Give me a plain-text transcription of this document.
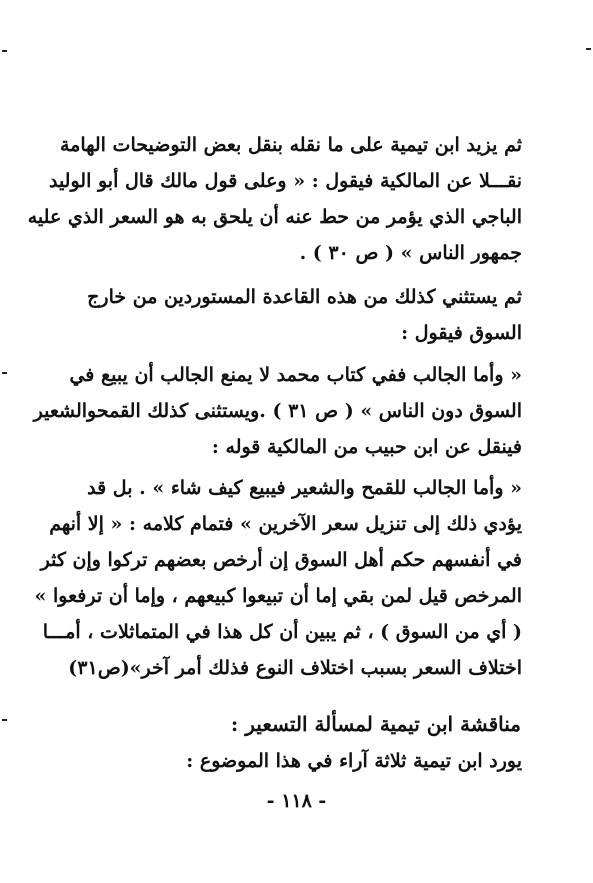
ثم يزيد ابن تيمية على ما نقله بنقل بعض التوضيحات الهامة
نقـــلا عن المالكية فيقول : « وعلى قول مالك قال أبو الوليد
الباجي الذي يؤمر من حط عنه أن يلحق به هو السعر الذي عليه
جمهور الناس » ( ص ٣٠ ) .
ثم يستثني كذلك من هذه القاعدة المستوردين من خارج
السوق فيقول :
« وأما الجالب ففي كتاب محمد لا يمنع الجالب أن يبيع في
السوق دون الناس » ( ص ٣١ ) .ويستثنى كذلك القمحوالشعير
فينقل عن ابن حبيب من المالكية قوله :
« وأما الجالب للقمح والشعير فيبيع كيف شاء » . بل قد
يؤدي ذلك إلى تنزيل سعر الآخرين » فتمام كلامه : « إلا أنهم
في أنفسهم حكم أهل السوق إن أرخص بعضهم تركوا وإن كثر
المرخص قيل لمن بقي إما أن تبيعوا كبيعهم ، وإما أن ترفعوا »
( أي من السوق ) ، ثم يبين أن كل هذا في المتماثلات ، أمـــا
اختلاف السعر بسبب اختلاف النوع فذلك أمر آخر»(ص٣١)
مناقشة ابن تيمية لمسألة التسعير :
يورد ابن تيمية ثلاثة آراء في هذا الموضوع :
- ١١٨ -
